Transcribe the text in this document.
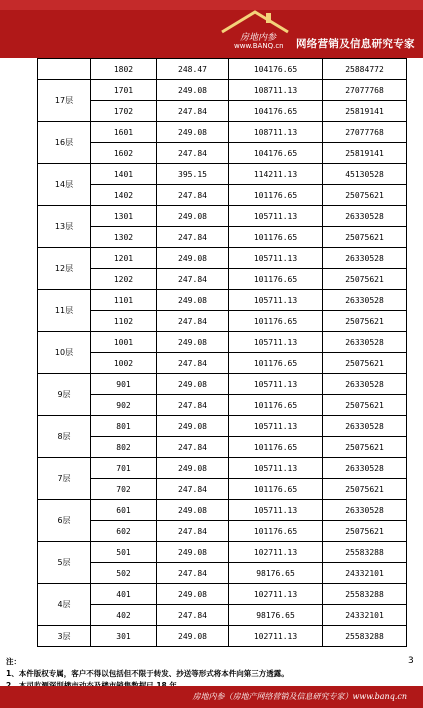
房地内参
www.BANQ.cn 网络营销及信息研究专家
	1802	248.47	104176.65	25884772
17层	1701	249.08	108711.13	27077768
	1702	247.84	104176.65	25819141
16层	1601	249.08	108711.13	27077768
	1602	247.84	104176.65	25819141
14层	1401	395.15	114211.13	45130528
	1402	247.84	101176.65	25075621
13层	1301	249.08	105711.13	26330528
	1302	247.84	101176.65	25075621
12层	1201	249.08	105711.13	26330528
	1202	247.84	101176.65	25075621
11层	1101	249.08	105711.13	26330528
	1102	247.84	101176.65	25075621
10层	1001	249.08	105711.13	26330528
	1002	247.84	101176.65	25075621
9层	901	249.08	105711.13	26330528
	902	247.84	101176.65	25075621
8层	801	249.08	105711.13	26330528
	802	247.84	101176.65	25075621
7层	701	249.08	105711.13	26330528
	702	247.84	101176.65	25075621
6层	601	249.08	105711.13	26330528
	602	247.84	101176.65	25075621
5层	501	249.08	102711.13	25583288
	502	247.84	98176.65	24332101
4层	401	249.08	102711.13	25583288
	402	247.84	98176.65	24332101
3层	301	249.08	102711.13	25583288
注：
1、本件版权专属，客户不得以包括但不限于转发、抄送等形式将本件向第三方透露。
3
房地内参（房地产网络营销及信息研究专家）www.banq.cn
